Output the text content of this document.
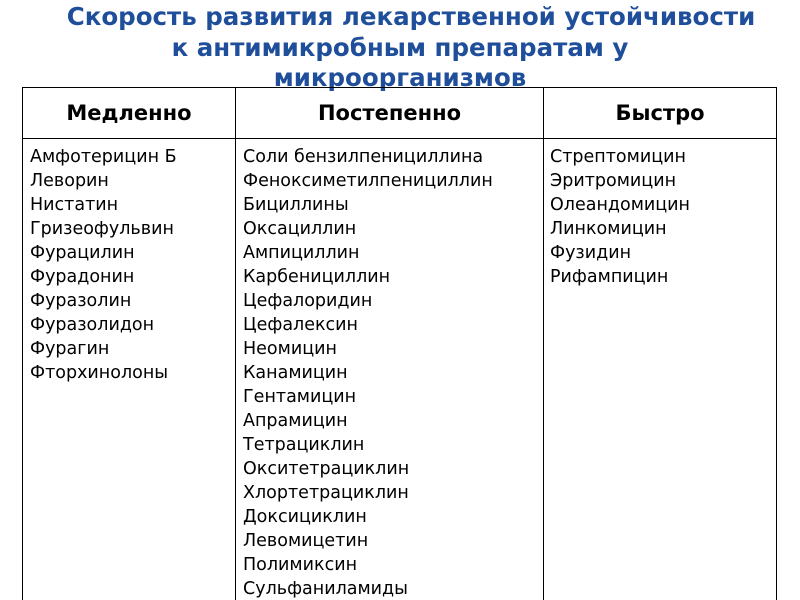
Скорость развития лекарственной устойчивости
к антимикробным препаратам у
микроорганизмов
Медленно	Постепенно	Быстро
Амфотерицин Б
Леворин
Нистатин
Гризеофульвин
Фурацилин
Фурадонин
Фуразолин
Фуразолидон
Фурагин
Фторхинолоны
Соли бензилпенициллина
Феноксиметилпенициллин
Бициллины
Оксациллин
Ампициллин
Карбенициллин
Цефалоридин
Цефалексин
Неомицин
Канамицин
Гентамицин
Апрамицин
Тетрациклин
Окситетрациклин
Хлортетрациклин
Доксициклин
Левомицетин
Полимиксин
Сульфаниламиды
Стрептомицин
Эритромицин
Олеандомицин
Линкомицин
Фузидин
Рифампицин
